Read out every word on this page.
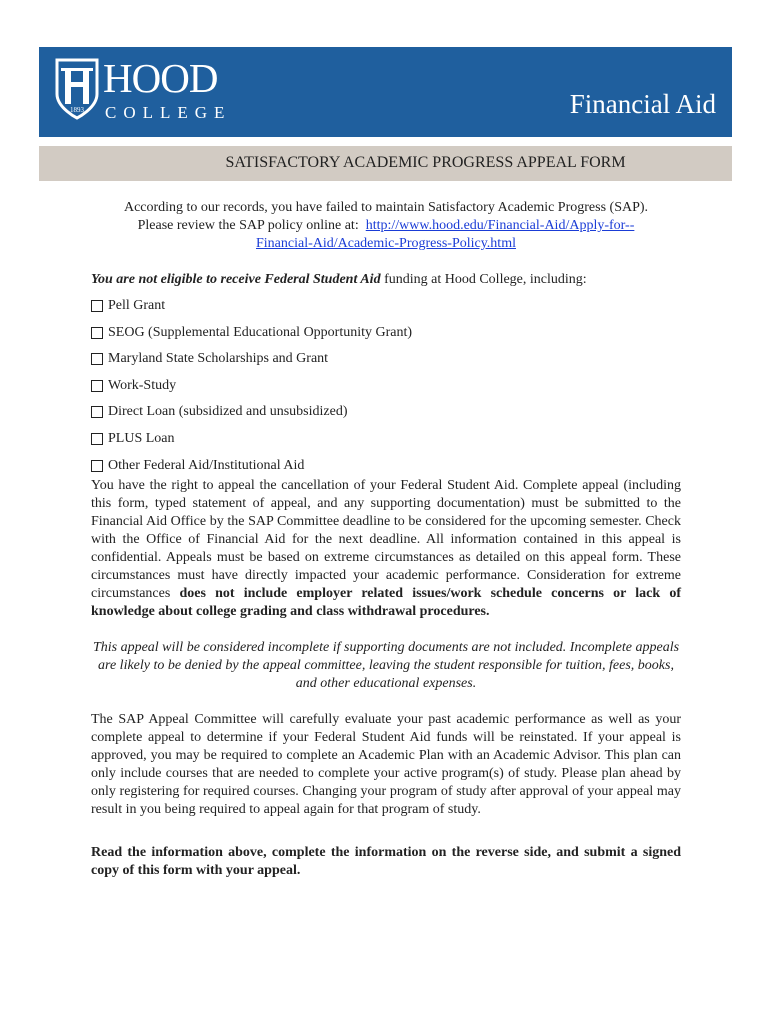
1893
HOOD
COLLEGE	Financial Aid
SATISFACTORY ACADEMIC PROGRESS APPEAL FORM

According to our records, you have failed to maintain Satisfactory Academic Progress (SAP).
Please review the SAP policy online at: http://www.hood.edu/Financial-Aid/Apply-for--
Financial-Aid/Academic-Progress-Policy.html

You are not eligible to receive Federal Student Aid funding at Hood College, including:

Pell Grant
SEOG (Supplemental Educational Opportunity Grant)
Maryland State Scholarships and Grant
Work-Study
Direct Loan (subsidized and unsubsidized)
PLUS Loan
Other Federal Aid/Institutional Aid

You have the right to appeal the cancellation of your Federal Student Aid. Complete appeal (including this form, typed statement of appeal, and any supporting documentation) must be submitted to the Financial Aid Office by the SAP Committee deadline to be considered for the upcoming semester. Check with the Office of Financial Aid for the next deadline. All information contained in this appeal is confidential. Appeals must be based on extreme circumstances as detailed on this appeal form. These circumstances must have directly impacted your academic performance. Consideration for extreme circumstances does not include employer related issues/work schedule concerns or lack of knowledge about college grading and class withdrawal procedures.

This appeal will be considered incomplete if supporting documents are not included. Incomplete appeals are likely to be denied by the appeal committee, leaving the student responsible for tuition, fees, books, and other educational expenses.

The SAP Appeal Committee will carefully evaluate your past academic performance as well as your complete appeal to determine if your Federal Student Aid funds will be reinstated. If your appeal is approved, you may be required to complete an Academic Plan with an Academic Advisor. This plan can only include courses that are needed to complete your active program(s) of study. Please plan ahead by only registering for required courses. Changing your program of study after approval of your appeal may result in you being required to appeal again for that program of study.

Read the information above, complete the information on the reverse side, and submit a signed copy of this form with your appeal.
